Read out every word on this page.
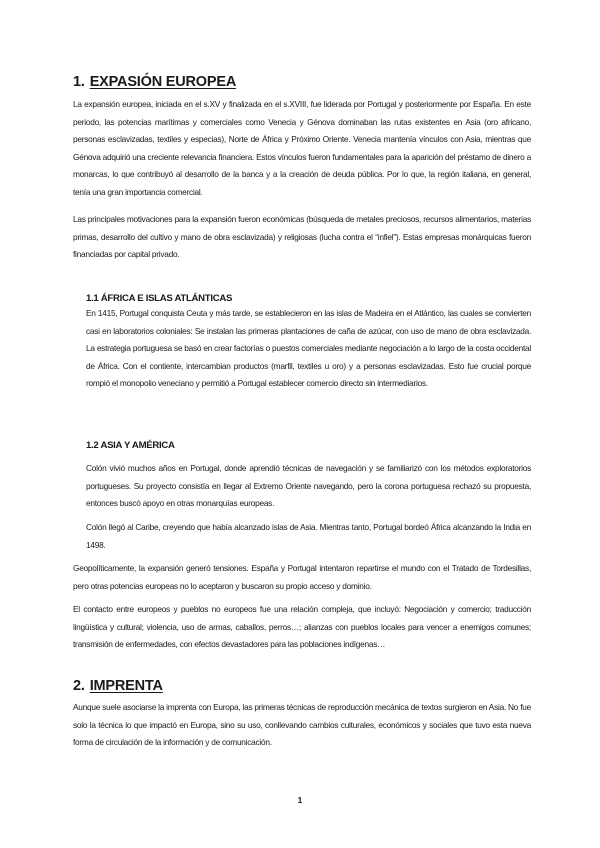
1. EXPASIÓN EUROPEA

La expansión europea, iniciada en el s.XV y finalizada en el s.XVIII, fue liderada por Portugal y posteriormente por España. En este periodo, las potencias marítimas y comerciales como Venecia y Génova dominaban las rutas existentes en Asia (oro africano, personas esclavizadas, textiles y especias), Norte de África y Próximo Oriente. Venecia mantenía vínculos con Asia, mientras que Génova adquirió una creciente relevancia financiera. Estos vínculos fueron fundamentales para la aparición del préstamo de dinero a monarcas, lo que contribuyó al desarrollo de la banca y a la creación de deuda pública. Por lo que, la región italiana, en general, tenía una gran importancia comercial.

Las principales motivaciones para la expansión fueron económicas (búsqueda de metales preciosos, recursos alimentarios, materias primas, desarrollo del cultivo y mano de obra esclavizada) y religiosas (lucha contra el “infiel”). Estas empresas monárquicas fueron financiadas por capital privado.

1.1 ÁFRICA E ISLAS ATLÁNTICAS

En 1415, Portugal conquista Ceuta y más tarde, se establecieron en las islas de Madeira en el Atlántico, las cuales se convierten casi en laboratorios coloniales: Se instalan las primeras plantaciones de caña de azúcar, con uso de mano de obra esclavizada. La estrategia portuguesa se basó en crear factorías o puestos comerciales mediante negociación a lo largo de la costa occidental de África. Con el contiente, intercambian productos (marfil, textiles u oro) y a personas esclavizadas. Esto fue crucial porque rompió el monopolio veneciano y permitió a Portugal establecer comercio directo sin intermediarios.

1.2 ASIA Y AMÉRICA

Colón vivió muchos años en Portugal, donde aprendió técnicas de navegación y se familiarizó con los métodos exploratorios portugueses. Su proyecto consistía en llegar al Extremo Oriente navegando, pero la corona portuguesa rechazó su propuesta, entonces buscó apoyo en otras monarquías europeas.

Colón llegó al Caribe, creyendo que había alcanzado islas de Asia. Mientras tanto, Portugal bordeó África alcanzando la India en 1498.

Geopolíticamente, la expansión generó tensiones. España y Portugal intentaron repartirse el mundo con el Tratado de Tordesillas, pero otras potencias europeas no lo aceptaron y buscaron su propio acceso y dominio.

El contacto entre europeos y pueblos no europeos fue una relación compleja, que incluyó: Negociación y comercio; traducción lingüística y cultural; violencia, uso de armas, caballos, perros…; alianzas con pueblos locales para vencer a enemigos comunes; transmisión de enfermedades, con efectos devastadores para las poblaciones indígenas…

2. IMPRENTA

Aunque suele asociarse la imprenta con Europa, las primeras técnicas de reproducción mecánica de textos surgieron en Asia. No fue solo la técnica lo que impactó en Europa, sino su uso, conllevando cambios culturales, económicos y sociales que tuvo esta nueva forma de circulación de la información y de comunicación.

1
